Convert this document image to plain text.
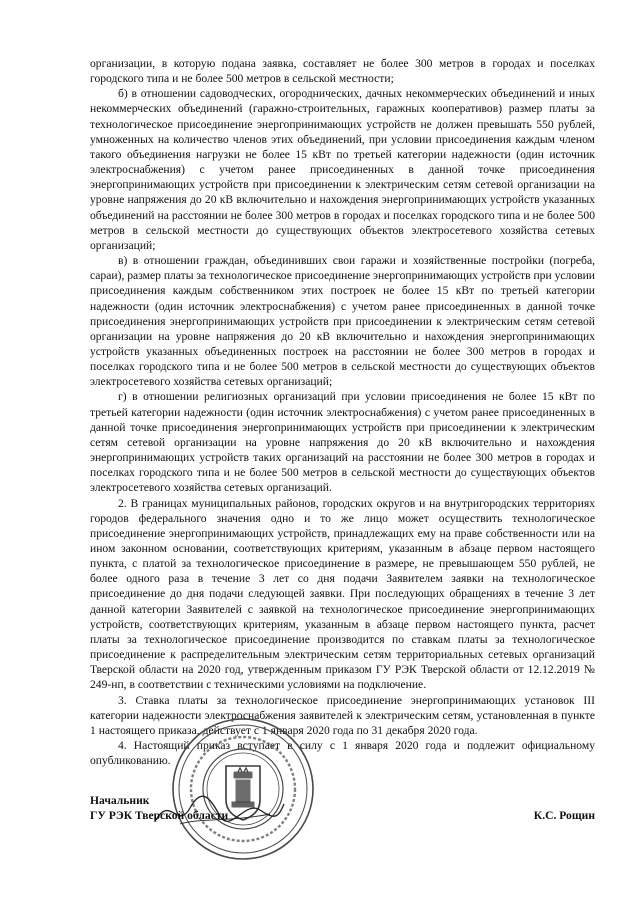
организации, в которую подана заявка, составляет не более 300 метров в городах и поселках городского типа и не более 500 метров в сельской местности;

б) в отношении садоводческих, огороднических, дачных некоммерческих объединений и иных некоммерческих объединений (гаражно-строительных, гаражных кооперативов) размер платы за технологическое присоединение энергопринимающих устройств не должен превышать 550 рублей, умноженных на количество членов этих объединений, при условии присоединения каждым членом такого объединения нагрузки не более 15 кВт по третьей категории надежности (один источник электроснабжения) с учетом ранее присоединенных в данной точке присоединения энергопринимающих устройств при присоединении к электрическим сетям сетевой организации на уровне напряжения до 20 кВ включительно и нахождения энергопринимающих устройств указанных объединений на расстоянии не более 300 метров в городах и поселках городского типа и не более 500 метров в сельской местности до существующих объектов электросетевого хозяйства сетевых организаций;

в) в отношении граждан, объединивших свои гаражи и хозяйственные постройки (погреба, сараи), размер платы за технологическое присоединение энергопринимающих устройств при условии присоединения каждым собственником этих построек не более 15 кВт по третьей категории надежности (один источник электроснабжения) с учетом ранее присоединенных в данной точке присоединения энергопринимающих устройств при присоединении к электрическим сетям сетевой организации на уровне напряжения до 20 кВ включительно и нахождения энергопринимающих устройств указанных объединенных построек на расстоянии не более 300 метров в городах и поселках городского типа и не более 500 метров в сельской местности до существующих объектов электросетевого хозяйства сетевых организаций;

г) в отношении религиозных организаций при условии присоединения не более 15 кВт по третьей категории надежности (один источник электроснабжения) с учетом ранее присоединенных в данной точке присоединения энергопринимающих устройств при присоединении к электрическим сетям сетевой организации на уровне напряжения до 20 кВ включительно и нахождения энергопринимающих устройств таких организаций на расстоянии не более 300 метров в городах и поселках городского типа и не более 500 метров в сельской местности до существующих объектов электросетевого хозяйства сетевых организаций.

2. В границах муниципальных районов, городских округов и на внутригородских территориях городов федерального значения одно и то же лицо может осуществить технологическое присоединение энергопринимающих устройств, принадлежащих ему на праве собственности или на ином законном основании, соответствующих критериям, указанным в абзаце первом настоящего пункта, с платой за технологическое присоединение в размере, не превышающем 550 рублей, не более одного раза в течение 3 лет со дня подачи Заявителем заявки на технологическое присоединение до дня подачи следующей заявки. При последующих обращениях в течение 3 лет данной категории Заявителей с заявкой на технологическое присоединение энергопринимающих устройств, соответствующих критериям, указанным в абзаце первом настоящего пункта, расчет платы за технологическое присоединение производится по ставкам платы за технологическое присоединение к распределительным электрическим сетям территориальных сетевых организаций Тверской области на 2020 год, утвержденным приказом ГУ РЭК Тверской области от 12.12.2019 № 249-нп, в соответствии с техническими условиями на подключение.

3. Ставка платы за технологическое присоединение энергопринимающих установок III категории надежности электроснабжения заявителей к электрическим сетям, установленная в пункте 1 настоящего приказа, действует с 1 января 2020 года по 31 декабря 2020 года.

4. Настоящий приказ вступает в силу с 1 января 2020 года и подлежит официальному опубликованию.

Начальник
ГУ РЭК Тверской области	К.С. Рощин
